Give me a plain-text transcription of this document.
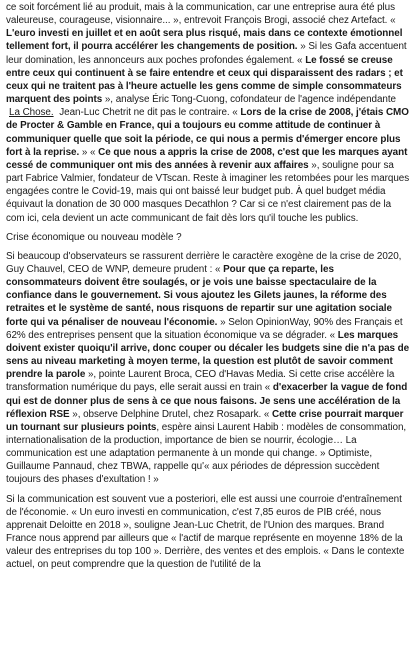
ce soit forcément lié au produit, mais à la communication, car une entreprise aura été plus valeureuse, courageuse, visionnaire... », entrevoit François Brogi, associé chez Artefact. « L'euro investi en juillet et en août sera plus risqué, mais dans ce contexte émotionnel tellement fort, il pourra accélérer les changements de position. » Si les Gafa accentuent leur domination, les annonceurs aux poches profondes également. « Le fossé se creuse entre ceux qui continuent à se faire entendre et ceux qui disparaissent des radars ; et ceux qui ne traitent pas à l'heure actuelle les gens comme de simple consommateurs marquent des points », analyse Éric Tong-Cuong, cofondateur de l'agence indépendante La Chose. Jean-Luc Chetrit ne dit pas le contraire. « Lors de la crise de 2008, j'étais CMO de Procter & Gamble en France, qui a toujours eu comme attitude de continuer à communiquer quelle que soit la période, ce qui nous a permis d'émerger encore plus fort à la reprise. » « Ce que nous a appris la crise de 2008, c'est que les marques ayant cessé de communiquer ont mis des années à revenir aux affaires », souligne pour sa part Fabrice Valmier, fondateur de VTscan. Reste à imaginer les retombées pour les marques engagées contre le Covid-19, mais qui ont baissé leur budget pub. À quel budget média équivaut la donation de 30 000 masques Decathlon ? Car si ce n'est clairement pas de la com ici, cela devient un acte communicant de fait dès lors qu'il touche les publics.

Crise économique ou nouveau modèle ?

Si beaucoup d'observateurs se rassurent derrière le caractère exogène de la crise de 2020, Guy Chauvel, CEO de WNP, demeure prudent : « Pour que ça reparte, les consommateurs doivent être soulagés, or je vois une baisse spectaculaire de la confiance dans le gouvernement. Si vous ajoutez les Gilets jaunes, la réforme des retraites et le système de santé, nous risquons de repartir sur une agitation sociale forte qui va pénaliser de nouveau l'économie. » Selon OpinionWay, 90% des Français et 62% des entreprises pensent que la situation économique va se dégrader. « Les marques doivent exister quoiqu'il arrive, donc couper ou décaler les budgets sine die n'a pas de sens au niveau marketing à moyen terme, la question est plutôt de savoir comment prendre la parole », pointe Laurent Broca, CEO d'Havas Media. Si cette crise accélère la transformation numérique du pays, elle serait aussi en train « d'exacerber la vague de fond qui est de donner plus de sens à ce que nous faisons. Je sens une accélération de la réflexion RSE », observe Delphine Drutel, chez Rosapark. « Cette crise pourrait marquer un tournant sur plusieurs points, espère ainsi Laurent Habib : modèles de consommation, internationalisation de la production, importance de bien se nourrir, écologie… La communication est une adaptation permanente à un monde qui change. » Optimiste, Guillaume Pannaud, chez TBWA, rappelle qu'« aux périodes de dépression succèdent toujours des phases d'exultation ! »

Si la communication est souvent vue a posteriori, elle est aussi une courroie d'entraînement de l'économie. « Un euro investi en communication, c'est 7,85 euros de PIB créé, nous apprenait Deloitte en 2018 », souligne Jean-Luc Chetrit, de l'Union des marques. Brand France nous apprend par ailleurs que « l'actif de marque représente en moyenne 18% de la valeur des entreprises du top 100 ». Derrière, des ventes et des emplois. « Dans le contexte actuel, on peut comprendre que la question de l'utilité de la
